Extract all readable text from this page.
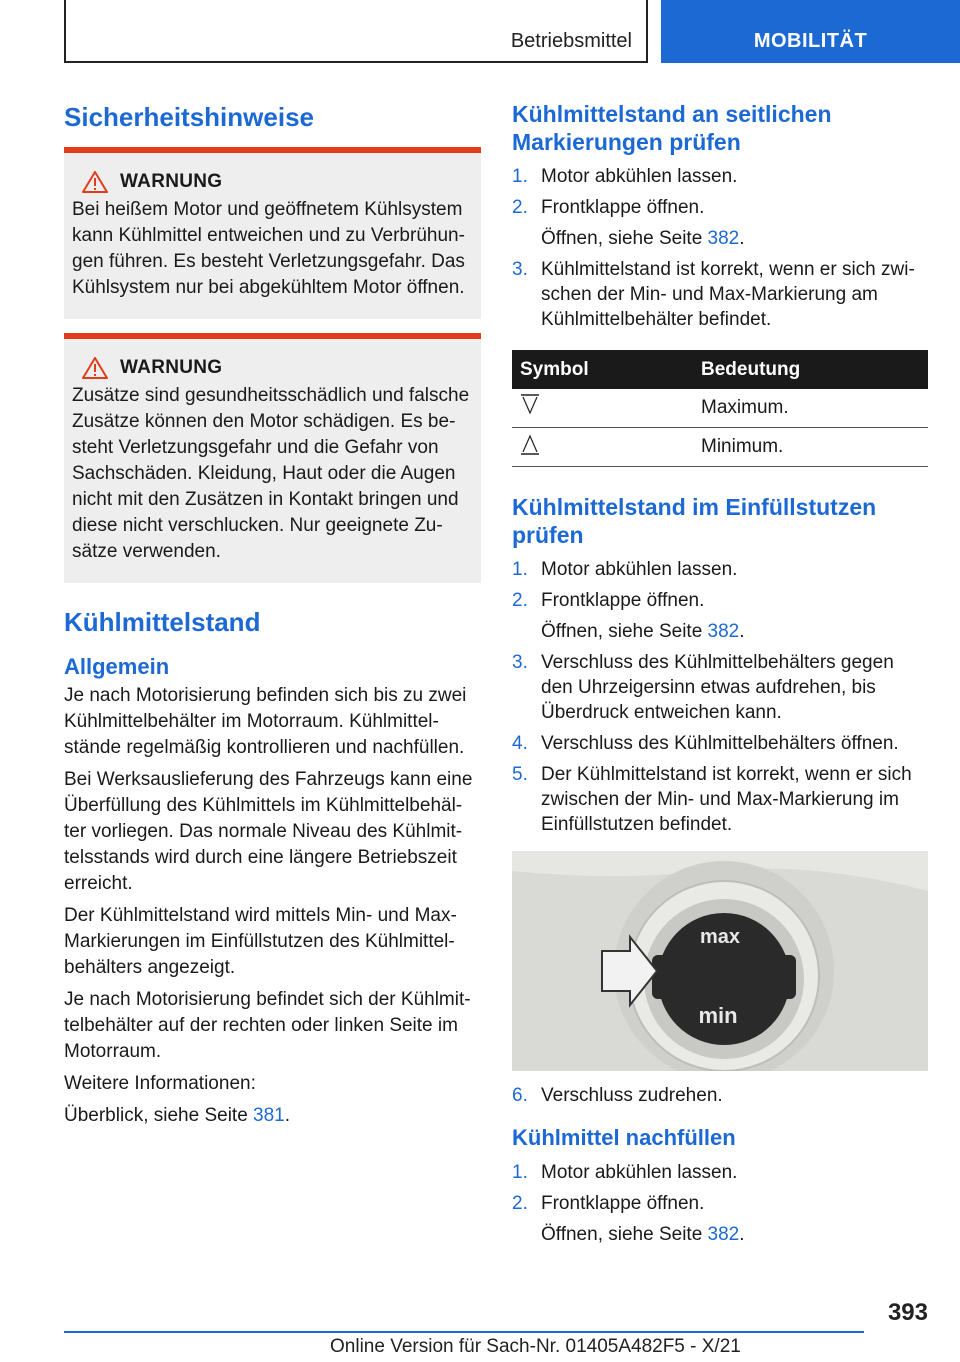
Betriebsmittel	MOBILITÄT
Sicherheitshinweise
WARNUNG
Bei heißem Motor und geöffnetem Kühlsystem kann Kühlmittel entweichen und zu Verbrühun- gen führen. Es besteht Verletzungsgefahr. Das Kühlsystem nur bei abgekühltem Motor öffnen.
WARNUNG
Zusätze sind gesundheitsschädlich und falsche Zusätze können den Motor schädigen. Es be- steht Verletzungsgefahr und die Gefahr von Sachschäden. Kleidung, Haut oder die Augen nicht mit den Zusätzen in Kontakt bringen und diese nicht verschlucken. Nur geeignete Zu- sätze verwenden.
Kühlmittelstand
Allgemein

Je nach Motorisierung befinden sich bis zu zwei Kühlmittelbehälter im Motorraum. Kühlmittel- stände regelmäßig kontrollieren und nachfüllen.

Bei Werksauslieferung des Fahrzeugs kann eine Überfüllung des Kühlmittels im Kühlmittelbehäl- ter vorliegen. Das normale Niveau des Kühlmit- telsstands wird durch eine längere Betriebszeit erreicht.

Der Kühlmittelstand wird mittels Min- und Max- Markierungen im Einfüllstutzen des Kühlmittel- behälters angezeigt.

Je nach Motorisierung befindet sich der Kühlmit- telbehälter auf der rechten oder linken Seite im Motorraum.

Weitere Informationen:

Überblick, siehe Seite 381.

Kühlmittelstand an seitlichen Markierungen prüfen
1. Motor abkühlen lassen.
2. Frontklappe öffnen.

Öffnen, siehe Seite 382.

3. Kühlmittelstand ist korrekt, wenn er sich zwi- schen der Min- und Max-Markierung am Kühlmittelbehälter befindet.
Symbol	Bedeutung
	Maximum.
	Minimum.
Kühlmittelstand im Einfüllstutzen prüfen
1. Motor abkühlen lassen.
2. Frontklappe öffnen.

Öffnen, siehe Seite 382.

3. Verschluss des Kühlmittelbehälters gegen den Uhrzeigersinn etwas aufdrehen, bis Überdruck entweichen kann.
4. Verschluss des Kühlmittelbehälters öffnen.
5. Der Kühlmittelstand ist korrekt, wenn er sich zwischen der Min- und Max-Markierung im Einfüllstutzen befindet.
max
min
6. Verschluss zudrehen.
Kühlmittel nachfüllen
1. Motor abkühlen lassen.
2. Frontklappe öffnen.

Öffnen, siehe Seite 382.

393
Online Version für Sach-Nr. 01405A482F5 - X/21
